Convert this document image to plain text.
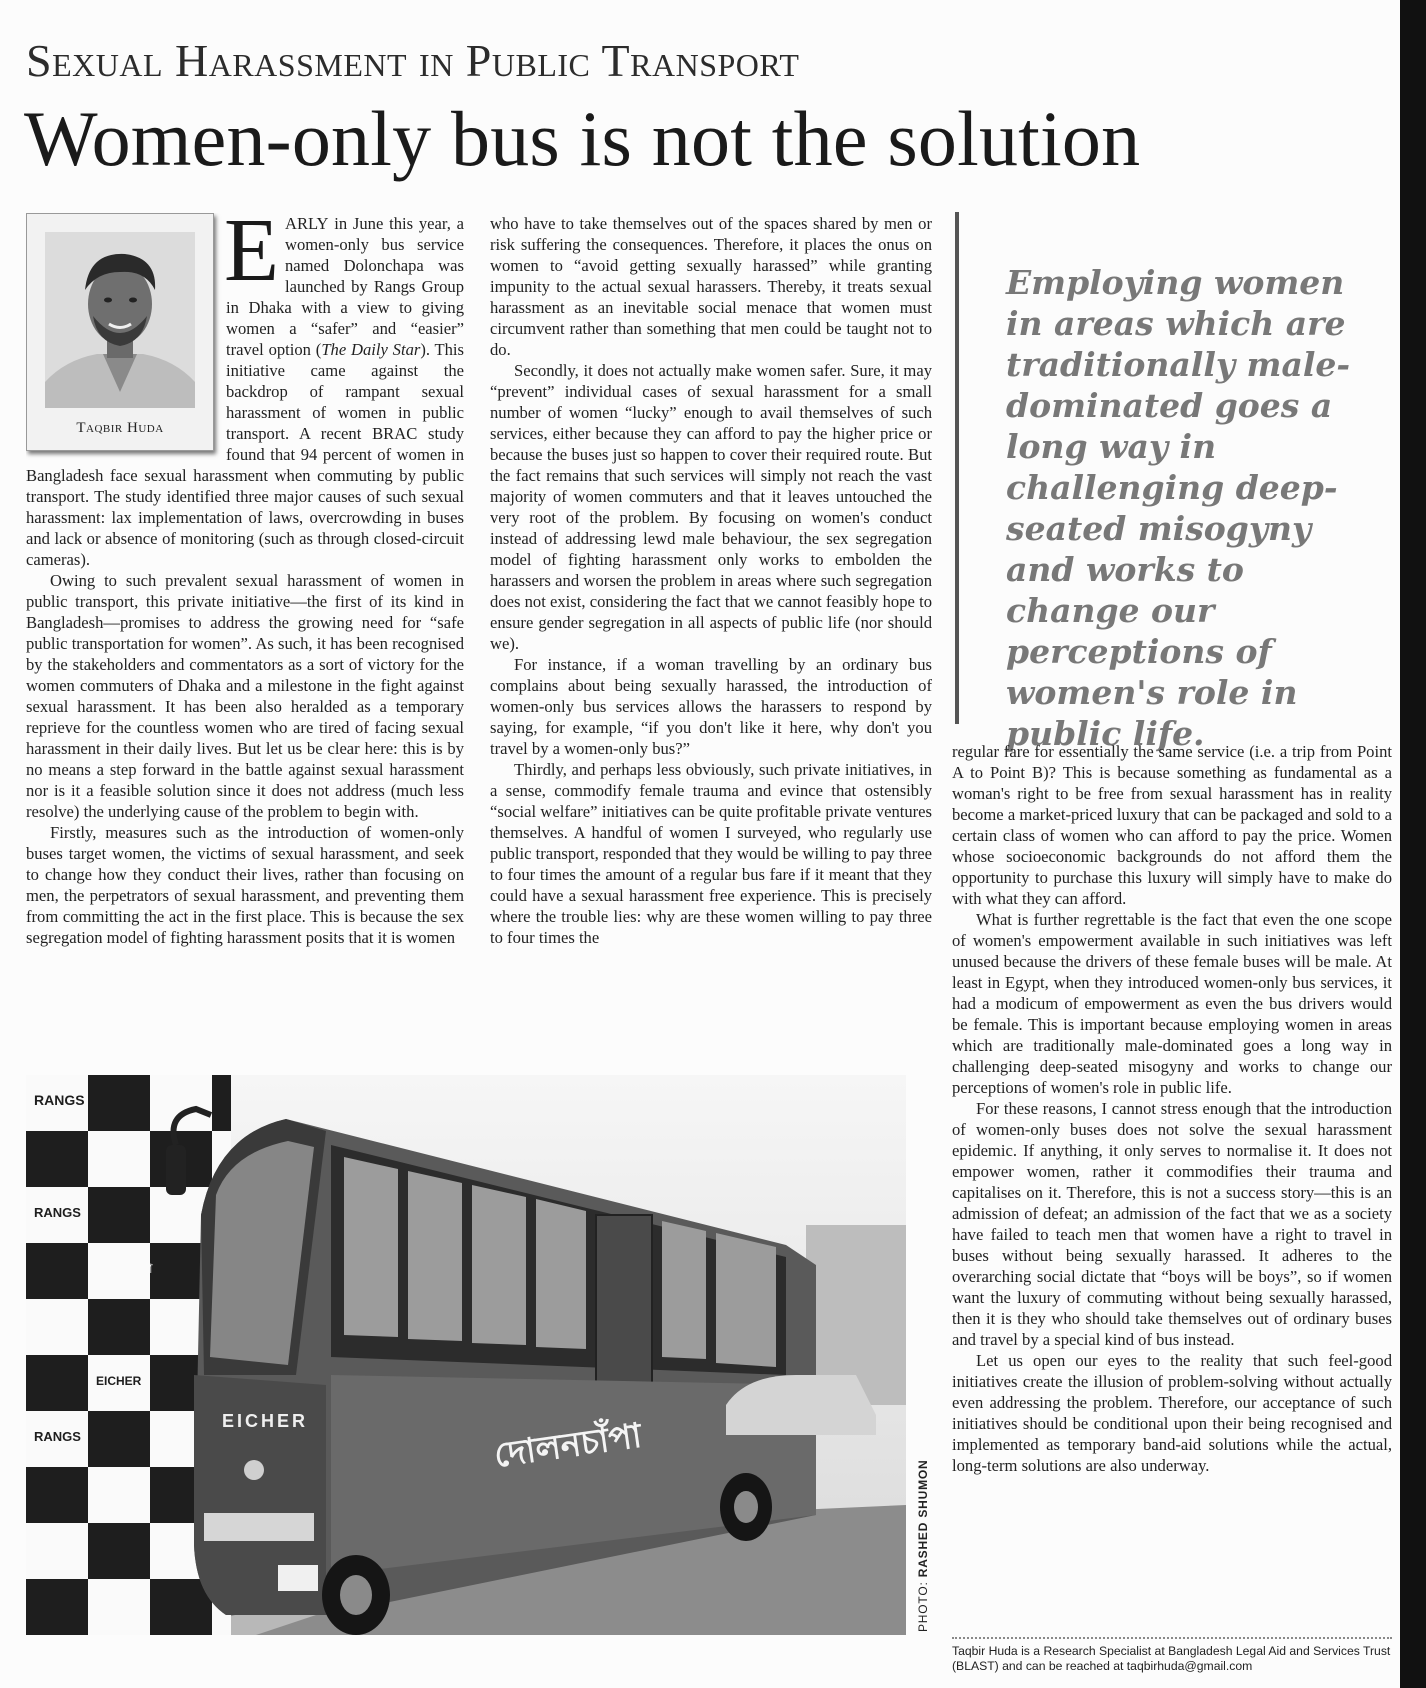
Sexual Harassment in Public Transport
Women-only bus is not the solution
Taqbir Huda

EARLY in June this year, a women-only bus service named Dolonchapa was launched by Rangs Group in Dhaka with a view to giving women a “safer” and “easier” travel option (The Daily Star). This initiative came against the backdrop of rampant sexual harassment of women in public transport. A recent BRAC study found that 94 percent of women in Bangladesh face sexual harassment when commuting by public transport. The study identified three major causes of such sexual harassment: lax implementation of laws, overcrowding in buses and lack or absence of monitoring (such as through closed-circuit cameras).

Owing to such prevalent sexual harassment of women in public transport, this private initiative—the first of its kind in Bangladesh—promises to address the growing need for “safe public transportation for women”. As such, it has been recognised by the stakeholders and commentators as a sort of victory for the women commuters of Dhaka and a milestone in the fight against sexual harassment. It has been also heralded as a temporary reprieve for the countless women who are tired of facing sexual harassment in their daily lives. But let us be clear here: this is by no means a step forward in the battle against sexual harassment nor is it a feasible solution since it does not address (much less resolve) the underlying cause of the problem to begin with.

Firstly, measures such as the introduction of women-only buses target women, the victims of sexual harassment, and seek to change how they conduct their lives, rather than focusing on men, the perpetrators of sexual harassment, and preventing them from committing the act in the first place. This is because the sex segregation model of fighting harassment posits that it is women

who have to take themselves out of the spaces shared by men or risk suffering the consequences. Therefore, it places the onus on women to “avoid getting sexually harassed” while granting impunity to the actual sexual harassers. Thereby, it treats sexual harassment as an inevitable social menace that women must circumvent rather than something that men could be taught not to do.

Secondly, it does not actually make women safer. Sure, it may “prevent” individual cases of sexual harassment for a small number of women “lucky” enough to avail themselves of such services, either because they can afford to pay the higher price or because the buses just so happen to cover their required route. But the fact remains that such services will simply not reach the vast majority of women commuters and that it leaves untouched the very root of the problem. By focusing on women's conduct instead of addressing lewd male behaviour, the sex segregation model of fighting harassment only works to embolden the harassers and worsen the problem in areas where such segregation does not exist, considering the fact that we cannot feasibly hope to ensure gender segregation in all aspects of public life (nor should we).

For instance, if a woman travelling by an ordinary bus complains about being sexually harassed, the introduction of women-only bus services allows the harassers to respond by saying, for example, “if you don't like it here, why don't you travel by a women-only bus?”

Thirdly, and perhaps less obviously, such private initiatives, in a sense, commodify female trauma and evince that ostensibly “social welfare” initiatives can be quite profitable private ventures themselves. A handful of women I surveyed, who regularly use public transport, responded that they would be willing to pay three to four times the amount of a regular bus fare if it meant that they could have a sexual harassment free experience. This is precisely where the trouble lies: why are these women willing to pay three to four times the

Employing women in areas which are traditionally male-dominated goes a long way in challenging deep-seated misogyny and works to change our perceptions of women's role in public life.

regular fare for essentially the same service (i.e. a trip from Point A to Point B)? This is because something as fundamental as a woman's right to be free from sexual harassment has in reality become a market-priced luxury that can be packaged and sold to a certain class of women who can afford to pay the price. Women whose socioeconomic backgrounds do not afford them the opportunity to purchase this luxury will simply have to make do with what they can afford.

What is further regrettable is the fact that even the one scope of women's empowerment available in such initiatives was left unused because the drivers of these female buses will be male. At least in Egypt, when they introduced women-only bus services, it had a modicum of empowerment as even the bus drivers would be female. This is important because employing women in areas which are traditionally male-dominated goes a long way in challenging deep-seated misogyny and works to change our perceptions of women's role in public life.

For these reasons, I cannot stress enough that the introduction of women-only buses does not solve the sexual harassment epidemic. If anything, it only serves to normalise it. It does not empower women, rather it commodifies their trauma and capitalises on it. Therefore, this is not a success story—this is an admission of defeat; an admission of the fact that we as a society have failed to teach men that women have a right to travel in buses without being sexually harassed. It adheres to the overarching social dictate that “boys will be boys”, so if women want the luxury of commuting without being sexually harassed, then it is they who should take themselves out of ordinary buses and travel by a special kind of bus instead.

Let us open our eyes to the reality that such feel-good initiatives create the illusion of problem-solving without actually even addressing the problem. Therefore, our acceptance of such initiatives should be conditional upon their being recognised and implemented as temporary band-aid solutions while the actual, long-term solutions are also underway.

RANGS
RANGS
RANGS
দোলনচাঁপা
RANGS
EICHER
RANGS
RANGS
RANGS
দোলনচাঁপা
EICHER
PHOTO: RASHED SHUMON
Taqbir Huda is a Research Specialist at Bangladesh Legal Aid and Services Trust (BLAST) and can be reached at taqbirhuda@gmail.com
